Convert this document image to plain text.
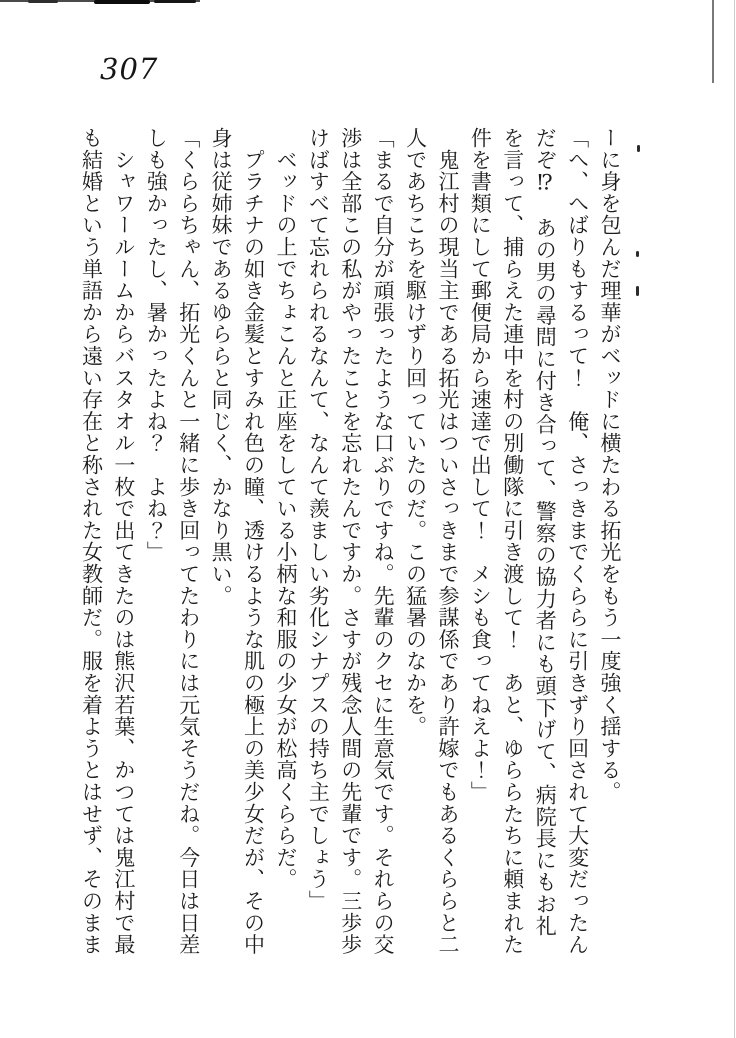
307

ーに身を包んだ理華がベッドに横たわる拓光をもう一度強く揺する。

「へ、へばりもするって！　俺、さっきまでくららに引きずり回されて大変だったんだぞ⁉　あの男の尋問に付き合って、警察の協力者にも頭下げて、病院長にもお礼を言って、捕らえた連中を村の別働隊に引き渡して！　あと、ゆららたちに頼まれた件を書類にして郵便局から速達で出して！　メシも食ってねえよ！」

　鬼江村の現当主である拓光はついさっきまで参謀係であり許嫁でもあるくららと二人であちこちを駆けずり回っていたのだ。この猛暑のなかを。

「まるで自分が頑張ったような口ぶりですね。先輩のクセに生意気です。それらの交渉は全部この私がやったことを忘れたんですか。さすが残念人間の先輩です。三歩歩けばすべて忘れられるなんて、なんて羨ましい劣化シナプスの持ち主でしょう」

　ベッドの上でちょこんと正座をしている小柄な和服の少女が松高くららだ。

　プラチナの如き金髪とすみれ色の瞳、透けるような肌の極上の美少女だが、その中身は従姉妹であるゆららと同じく、かなり黒い。

「くららちゃん、拓光くんと一緒に歩き回ってたわりには元気そうだね。今日は日差しも強かったし、暑かったよね？　よね？」

　シャワールームからバスタオル一枚で出てきたのは熊沢若葉、かつては鬼江村で最も結婚という単語から遠い存在と称された女教師だ。服を着ようとはせず、そのまま
